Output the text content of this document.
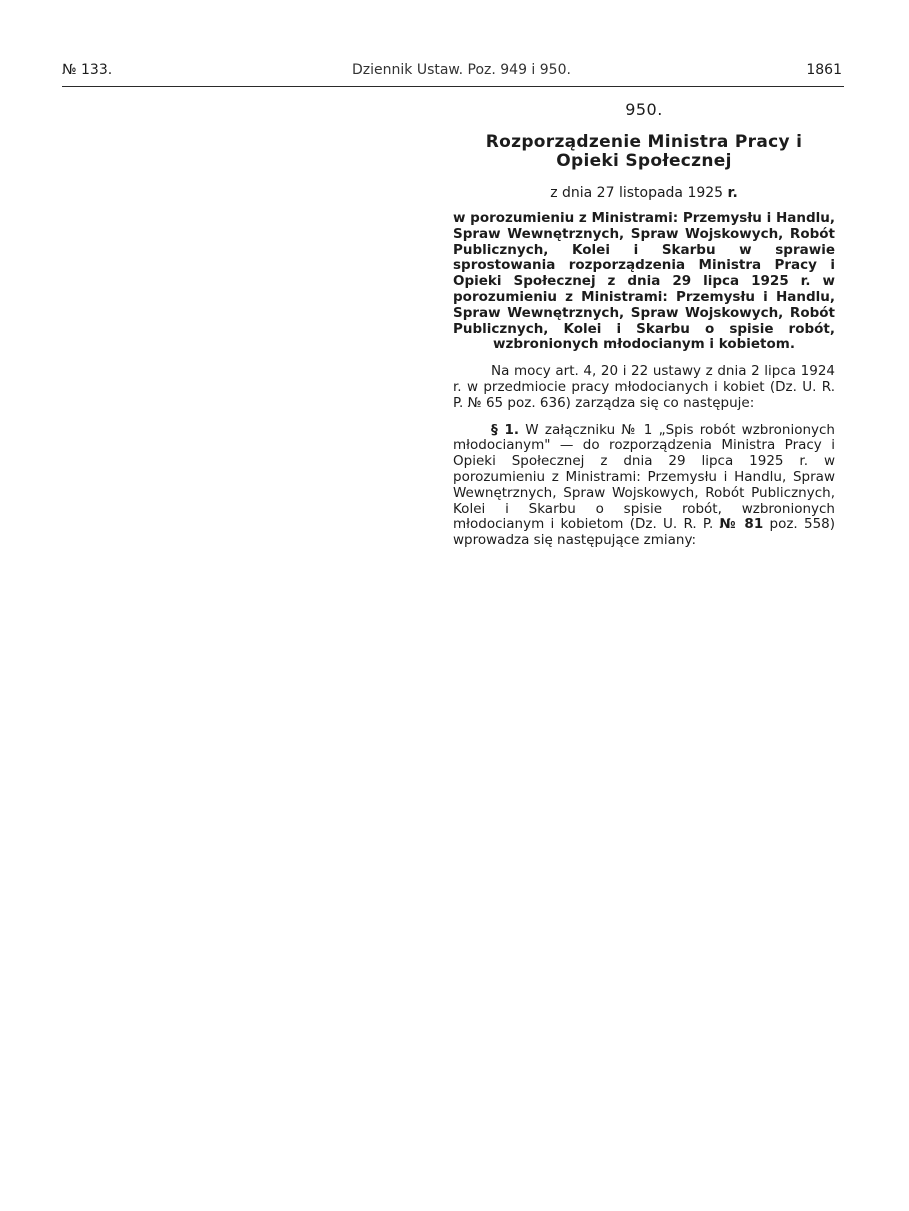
№ 133.	Dziennik Ustaw. Poz. 949 i 950.	1861
950.
Rozporządzenie Ministra Pracy i Opieki Społecznej
z dnia 27 listopada 1925 r.
w porozumieniu z Ministrami: Przemysłu i Handlu, Spraw Wewnętrznych, Spraw Wojskowych, Robót Publicznych, Kolei i Skarbu w sprawie sprostowania rozporządzenia Ministra Pracy i Opieki Społecznej z dnia 29 lipca 1925 r. w porozumieniu z Ministrami: Przemysłu i Handlu, Spraw Wewnętrznych, Spraw Wojskowych, Robót Publicznych, Kolei i Skarbu o spisie robót, wzbronionych młodocianym i kobietom.
Na mocy art. 4, 20 i 22 ustawy z dnia 2 lipca 1924 r. w przedmiocie pracy młodocianych i kobiet (Dz. U. R. P. № 65 poz. 636) zarządza się co następuje:
§ 1. W załączniku № 1 „Spis robót wzbronionych młodocianym" — do rozporządzenia Ministra Pracy i Opieki Społecznej z dnia 29 lipca 1925 r. w porozumieniu z Ministrami: Przemysłu i Handlu, Spraw Wewnętrznych, Spraw Wojskowych, Robót Publicznych, Kolei i Skarbu o spisie robót, wzbronionych młodocianym i kobietom (Dz. U. R. P. № 81 poz. 558) wprowadza się następujące zmiany:
